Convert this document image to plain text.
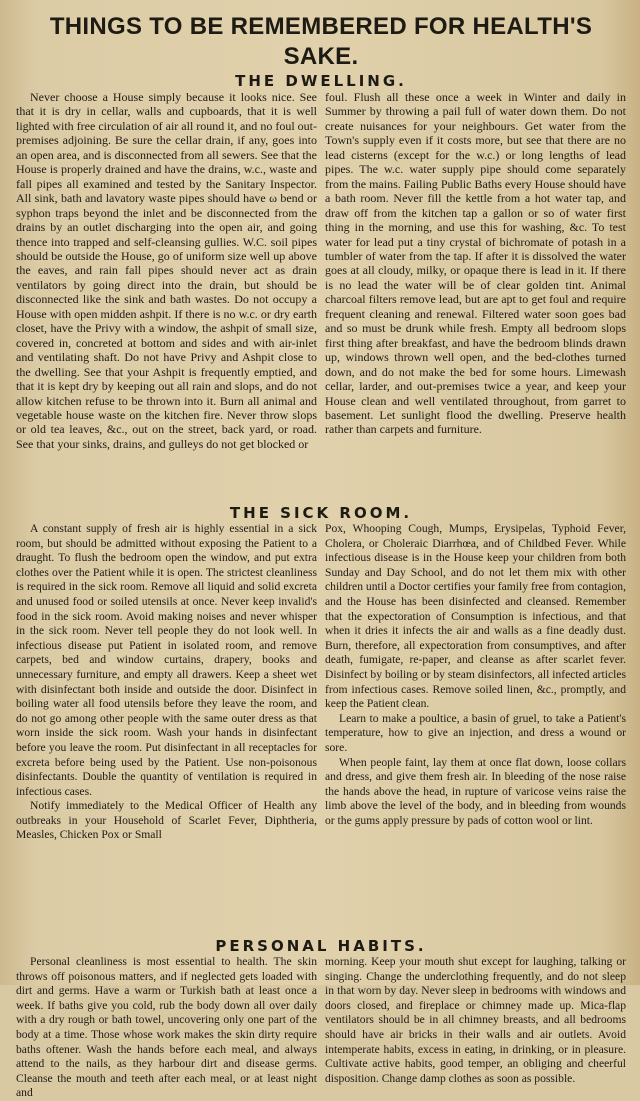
THINGS TO BE REMEMBERED FOR HEALTH'S SAKE.
THE DWELLING.

Never choose a House simply because it looks nice. See that it is dry in cellar, walls and cupboards, that it is well lighted with free circulation of air all round it, and no foul out-premises adjoining. Be sure the cellar drain, if any, goes into an open area, and is disconnected from all sewers. See that the House is properly drained and have the drains, w.c., waste and fall pipes all examined and tested by the Sanitary Inspector. All sink, bath and lavatory waste pipes should have ω bend or syphon traps beyond the inlet and be disconnected from the drains by an outlet discharging into the open air, and going thence into trapped and self-cleansing gullies. W.C. soil pipes should be outside the House, go of uniform size well up above the eaves, and rain fall pipes should never act as drain ventilators by going direct into the drain, but should be disconnected like the sink and bath wastes. Do not occupy a House with open midden ashpit. If there is no w.c. or dry earth closet, have the Privy with a window, the ashpit of small size, covered in, concreted at bottom and sides and with air-inlet and ventilating shaft. Do not have Privy and Ashpit close to the dwelling. See that your Ashpit is frequently emptied, and that it is kept dry by keeping out all rain and slops, and do not allow kitchen refuse to be thrown into it. Burn all animal and vegetable house waste on the kitchen fire. Never throw slops or old tea leaves, &c., out on the street, back yard, or road. See that your sinks, drains, and gulleys do not get blocked or

foul. Flush all these once a week in Winter and daily in Summer by throwing a pail full of water down them. Do not create nuisances for your neighbours. Get water from the Town's supply even if it costs more, but see that there are no lead cisterns (except for the w.c.) or long lengths of lead pipes. The w.c. water supply pipe should come separately from the mains. Failing Public Baths every House should have a bath room. Never fill the kettle from a hot water tap, and draw off from the kitchen tap a gallon or so of water first thing in the morning, and use this for washing, &c. To test water for lead put a tiny crystal of bichromate of potash in a tumbler of water from the tap. If after it is dissolved the water goes at all cloudy, milky, or opaque there is lead in it. If there is no lead the water will be of clear golden tint. Animal charcoal filters remove lead, but are apt to get foul and require frequent cleaning and renewal. Filtered water soon goes bad and so must be drunk while fresh. Empty all bedroom slops first thing after breakfast, and have the bedroom blinds drawn up, windows thrown well open, and the bed-clothes turned down, and do not make the bed for some hours. Limewash cellar, larder, and out-premises twice a year, and keep your House clean and well ventilated throughout, from garret to basement. Let sunlight flood the dwelling. Preserve health rather than carpets and furniture.

THE SICK ROOM.

A constant supply of fresh air is highly essential in a sick room, but should be admitted without exposing the Patient to a draught. To flush the bedroom open the window, and put extra clothes over the Patient while it is open. The strictest cleanliness is required in the sick room. Remove all liquid and solid excreta and unused food or soiled utensils at once. Never keep invalid's food in the sick room. Avoid making noises and never whisper in the sick room. Never tell people they do not look well. In infectious disease put Patient in isolated room, and remove carpets, bed and window curtains, drapery, books and unnecessary furniture, and empty all drawers. Keep a sheet wet with disinfectant both inside and outside the door. Disinfect in boiling water all food utensils before they leave the room, and do not go among other people with the same outer dress as that worn inside the sick room. Wash your hands in disinfectant before you leave the room. Put disinfectant in all receptacles for excreta before being used by the Patient. Use non-poisonous disinfectants. Double the quantity of ventilation is required in infectious cases.

Notify immediately to the Medical Officer of Health any outbreaks in your Household of Scarlet Fever, Diphtheria, Measles, Chicken Pox or Small

Pox, Whooping Cough, Mumps, Erysipelas, Typhoid Fever, Cholera, or Choleraic Diarrhœa, and of Childbed Fever. While infectious disease is in the House keep your children from both Sunday and Day School, and do not let them mix with other children until a Doctor certifies your family free from contagion, and the House has been disinfected and cleansed. Remember that the expectoration of Consumption is infectious, and that when it dries it infects the air and walls as a fine deadly dust. Burn, therefore, all expectoration from consumptives, and after death, fumigate, re-paper, and cleanse as after scarlet fever. Disinfect by boiling or by steam disinfectors, all infected articles from infectious cases. Remove soiled linen, &c., promptly, and keep the Patient clean.

Learn to make a poultice, a basin of gruel, to take a Patient's temperature, how to give an injection, and dress a wound or sore.

When people faint, lay them at once flat down, loose collars and dress, and give them fresh air. In bleeding of the nose raise the hands above the head, in rupture of varicose veins raise the limb above the level of the body, and in bleeding from wounds or the gums apply pressure by pads of cotton wool or lint.

PERSONAL HABITS.

Personal cleanliness is most essential to health. The skin throws off poisonous matters, and if neglected gets loaded with dirt and germs. Have a warm or Turkish bath at least once a week. If baths give you cold, rub the body down all over daily with a dry rough or bath towel, uncovering only one part of the body at a time. Those whose work makes the skin dirty require baths oftener. Wash the hands before each meal, and always attend to the nails, as they harbour dirt and disease germs. Cleanse the mouth and teeth after each meal, or at least night and

morning. Keep your mouth shut except for laughing, talking or singing. Change the underclothing frequently, and do not sleep in that worn by day. Never sleep in bedrooms with windows and doors closed, and fireplace or chimney made up. Mica-flap ventilators should be in all chimney breasts, and all bedrooms should have air bricks in their walls and air outlets. Avoid intemperate habits, excess in eating, in drinking, or in pleasure. Cultivate active habits, good temper, an obliging and cheerful disposition. Change damp clothes as soon as possible.
